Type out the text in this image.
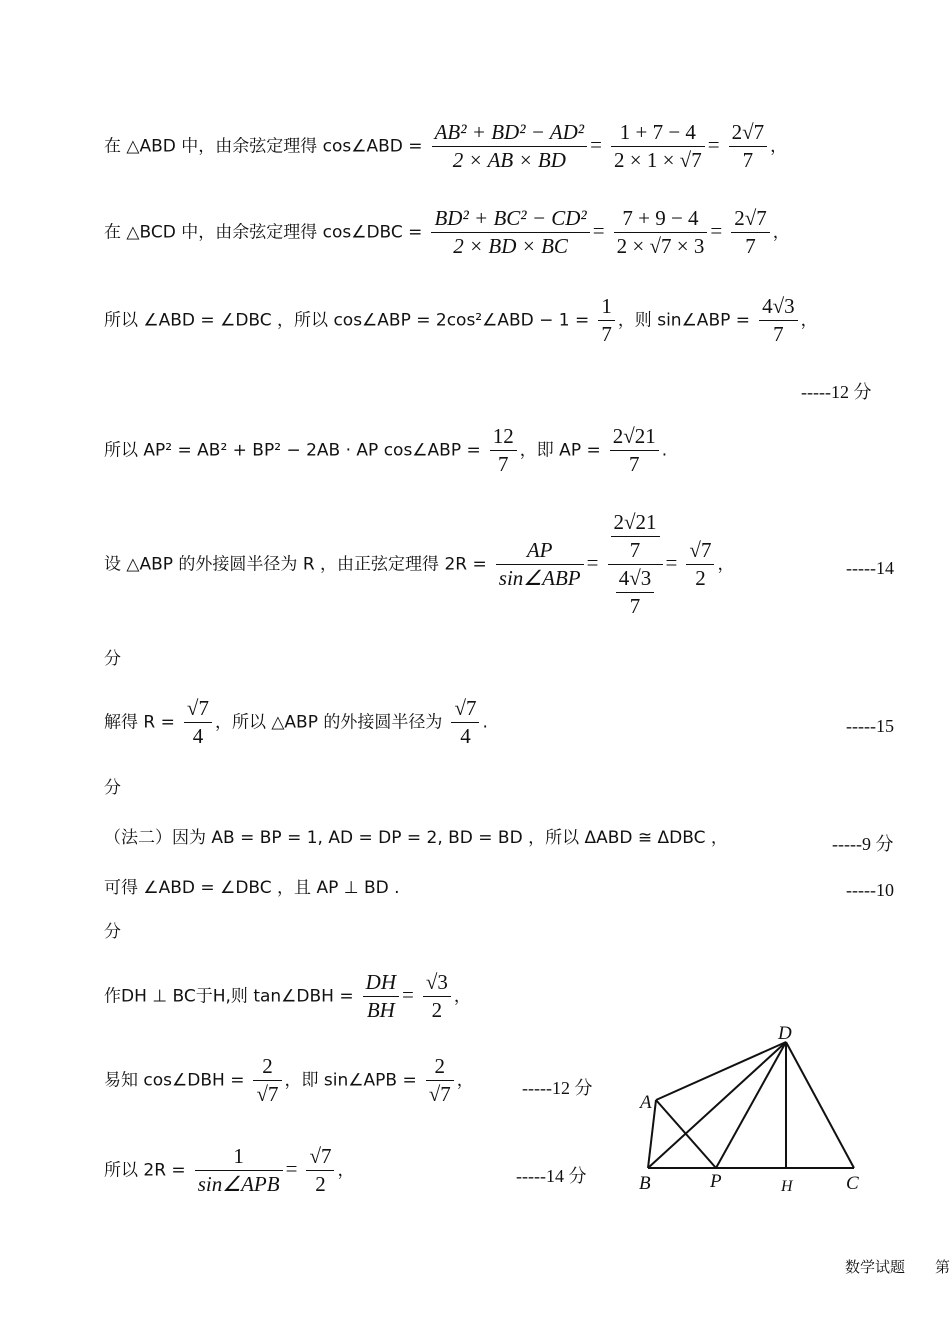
在 △ABD 中，由余弦定理得 cos∠ABD = $\frac{\text{AB² + BD² − AD²}}{2 \times AB \times BD} = \frac{1 + 7 - 4}{2 \times 1 \times √7} = \frac{2√7}{7}$ ，
在 △BCD 中，由余弦定理得 cos∠DBC = $\frac{\text{BD² + BC² − CD²}}{2 \times BD \times BC} = \frac{7 + 9 - 4}{2 \times √7 \times 3} = \frac{2√7}{7}$ ，
所以 ∠ABD = ∠DBC ，所以 cos∠ABP = 2cos²∠ABD − $1 = \frac{1}{7}$ ，则 sin∠ABP = $\frac{4√3}{7}$ ，
-----12 分
所以 AP² = AB² + BP² − 2AB · AP cos∠ABP = $\frac{12}{7}$ ，即 AP = $\frac{2√21}{7}$ .
设 △ABP 的外接圆半径为 R ，由正弦定理得 $2R = \frac{AP}{\text{sin∠ABP}} = \frac{\frac{2√21}{7}}{\frac{4√3}{7}} = \frac{√7}{2}$ ，	-----14
分
解得 $R = \frac{√7}{4}$ ，所以 △ABP 的外接圆半径为 $\frac{√7}{4}$ .	-----15
分
（法二）因为 AB = BP = 1, AD = DP = 2, BD = BD ，所以 ΔABD ≅ ΔDBC ，	-----9 分
可得 ∠ABD = ∠DBC ，且 AP ⊥ BD .	-----10
分
作DH ⊥ BC于H,则 tan∠DBH = $\frac{DH}{BH} = \frac{√3}{2}$ ，
易知 cos∠DBH = $\frac{2}{√7}$ ，即 sin∠APB = $\frac{2}{√7}$ ，	-----12 分
所以 $2R = \frac{1}{\text{sin∠APB}} = \frac{√7}{2}$ ，	-----14 分
D
A
B	P	H	C
数学试题　　第
